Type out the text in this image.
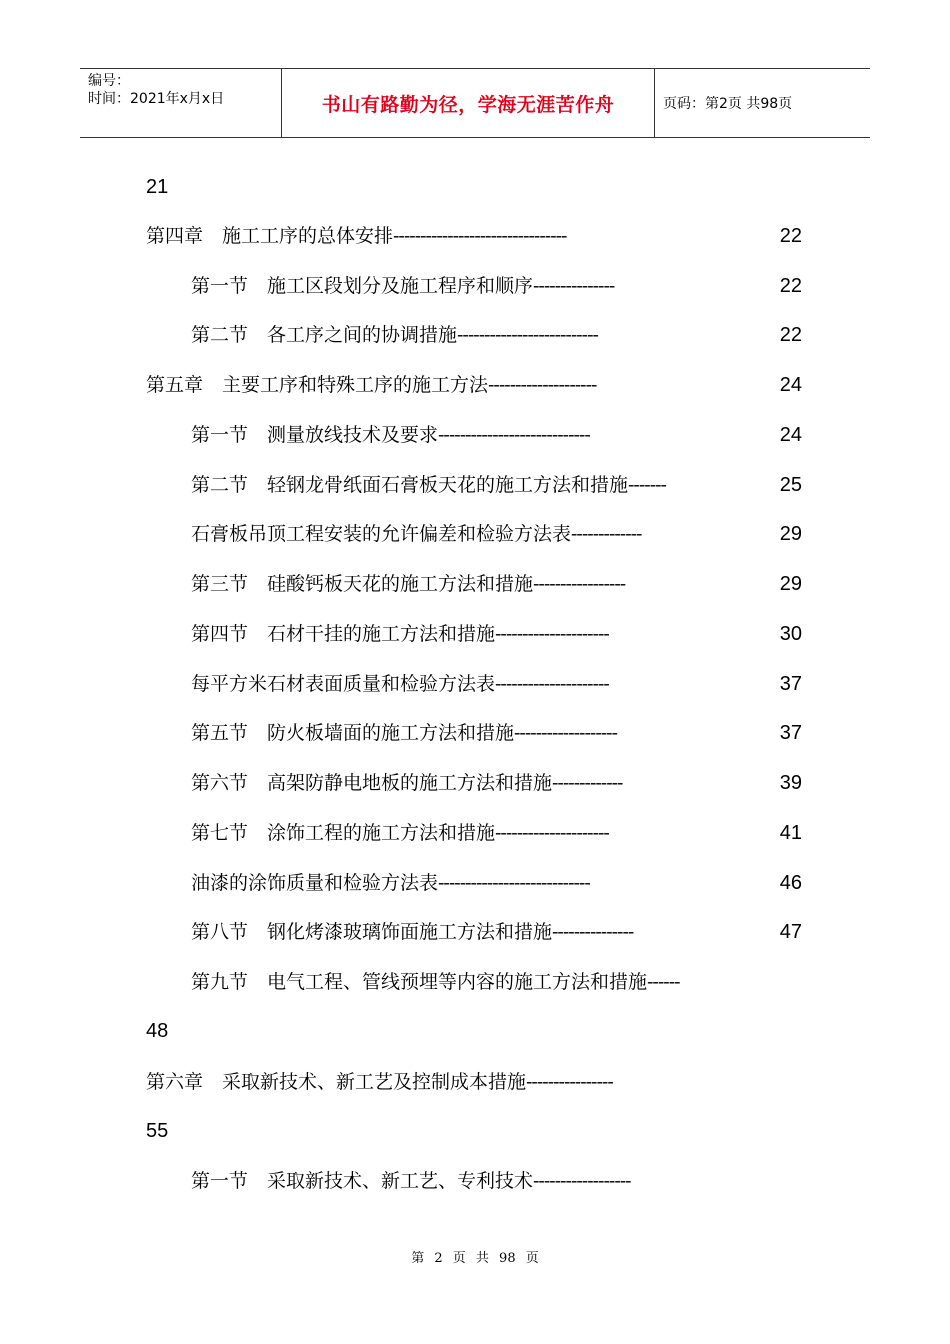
编号：
时间：2021年x月x日	书山有路勤为径，学海无涯苦作舟	页码：第2页 共98页
21
第四章　施工工序的总体安排 --------------------------------	22
第一节　施工区段划分及施工程序和顺序 ---------------	22
第二节　各工序之间的协调措施 --------------------------	22
第五章　主要工序和特殊工序的施工方法 --------------------	24
第一节　测量放线技术及要求 ----------------------------	24
第二节　轻钢龙骨纸面石膏板天花的施工方法和措施 -------	25
石膏板吊顶工程安装的允许偏差和检验方法表 -------------	29
第三节　硅酸钙板天花的施工方法和措施 -----------------	29
第四节　石材干挂的施工方法和措施 ---------------------	30
每平方米石材表面质量和检验方法表 ---------------------	37
第五节　防火板墙面的施工方法和措施 -------------------	37
第六节　高架防静电地板的施工方法和措施 -------------	39
第七节　涂饰工程的施工方法和措施 ---------------------	41
油漆的涂饰质量和检验方法表 ----------------------------	46
第八节　钢化烤漆玻璃饰面施工方法和措施 ---------------	47
第九节　电气工程、管线预埋等内容的施工方法和措施 ------
48
第六章　采取新技术、新工艺及控制成本措施 ----------------
55
第一节　采取新技术、新工艺、专利技术 ------------------
第 2 页 共 98 页
